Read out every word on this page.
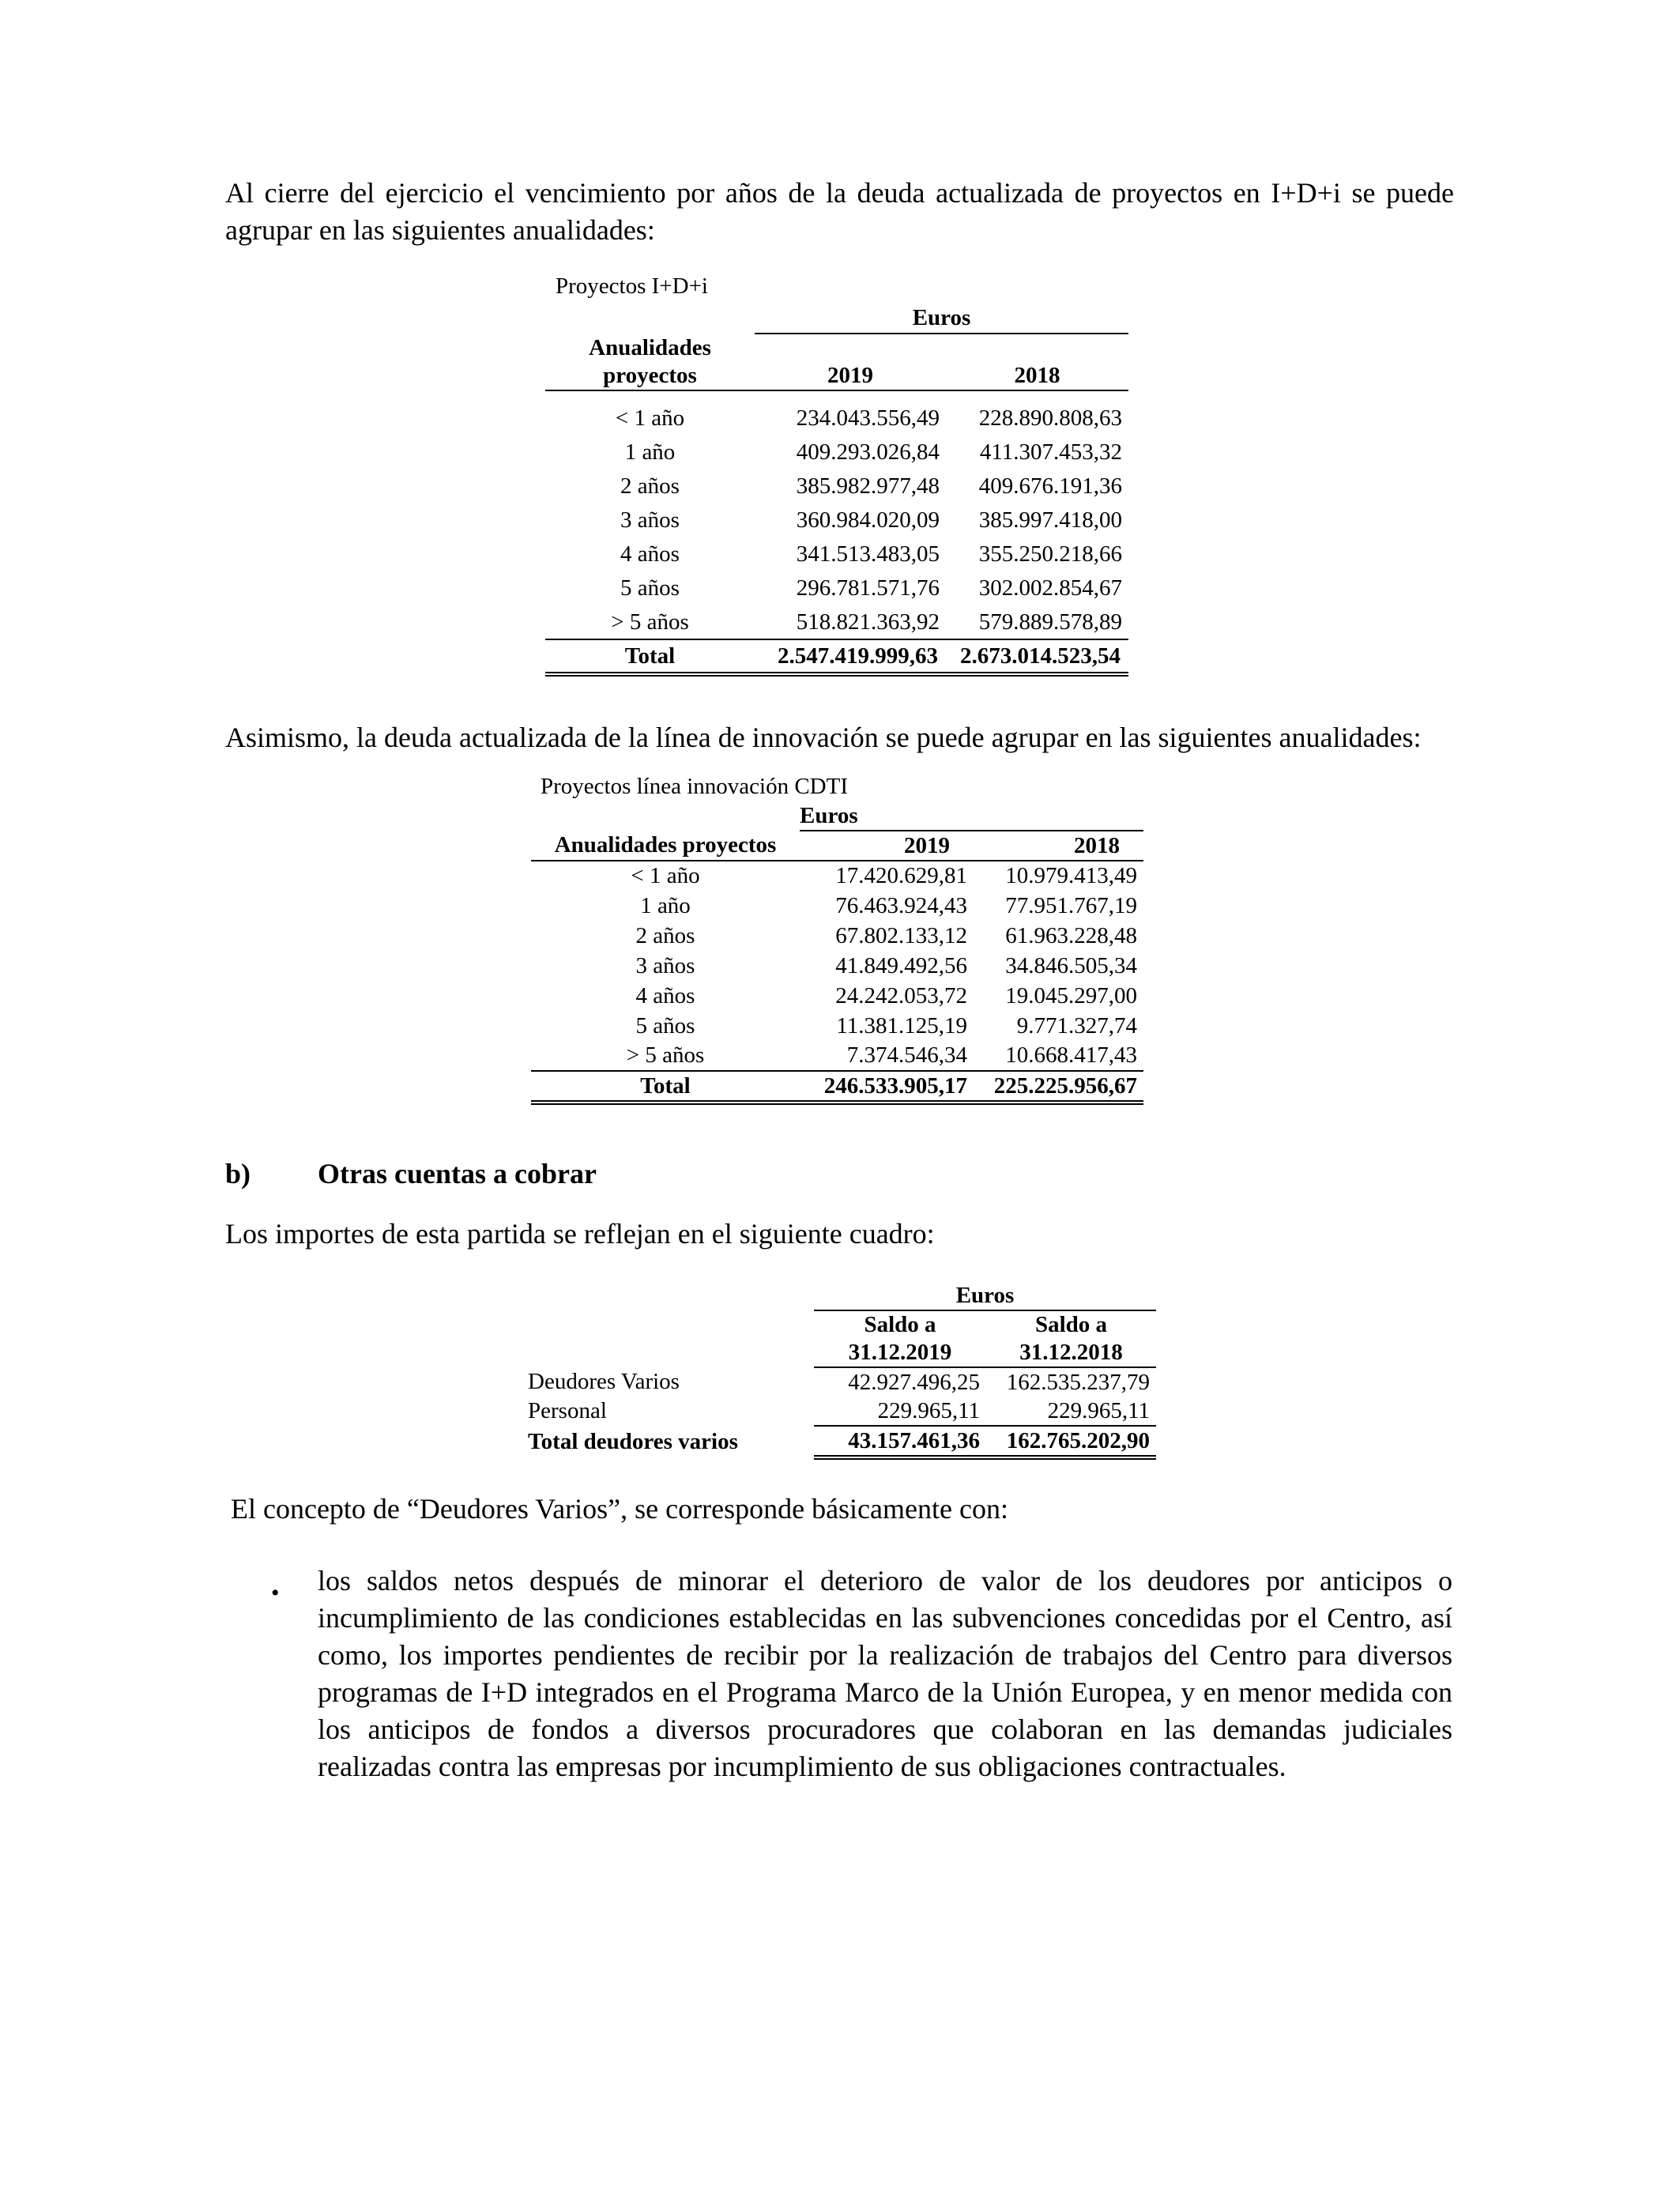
Al cierre del ejercicio el vencimiento por años de la deuda actualizada de proyectos en I+D+i se puede agrupar en las siguientes anualidades:

Proyectos I+D+i
	Euros	
Anualidades		
proyectos	2019	2018

< 1 año	234.043.556,49	228.890.808,63
1 año	409.293.026,84	411.307.453,32
2 años	385.982.977,48	409.676.191,36
3 años	360.984.020,09	385.997.418,00
4 años	341.513.483,05	355.250.218,66
5 años	296.781.571,76	302.002.854,67
> 5 años	518.821.363,92	579.889.578,89
Total	2.547.419.999,63	2.673.014.523,54

Asimismo, la deuda actualizada de la línea de innovación se puede agrupar en las siguientes anualidades:

Proyectos línea innovación CDTI
	Euros	
Anualidades proyectos	2019	2018
< 1 año	17.420.629,81	10.979.413,49
1 año	76.463.924,43	77.951.767,19
2 años	67.802.133,12	61.963.228,48
3 años	41.849.492,56	34.846.505,34
4 años	24.242.053,72	19.045.297,00
5 años	11.381.125,19	9.771.327,74
> 5 años	7.374.546,34	10.668.417,43
Total	246.533.905,17	225.225.956,67
b) Otras cuentas a cobrar

Los importes de esta partida se reflejan en el siguiente cuadro:

	Euros	
	Saldo a	Saldo a
	31.12.2019	31.12.2018
Deudores Varios	42.927.496,25	162.535.237,79
Personal	229.965,11	229.965,11
Total deudores varios	43.157.461,36	162.765.202,90

El concepto de “Deudores Varios”, se corresponde básicamente con:

• los saldos netos después de minorar el deterioro de valor de los deudores por anticipos o incumplimiento de las condiciones establecidas en las subvenciones concedidas por el Centro, así como, los importes pendientes de recibir por la realización de trabajos del Centro para diversos programas de I+D integrados en el Programa Marco de la Unión Europea, y en menor medida con los anticipos de fondos a diversos procuradores que colaboran en las demandas judiciales realizadas contra las empresas por incumplimiento de sus obligaciones contractuales.
